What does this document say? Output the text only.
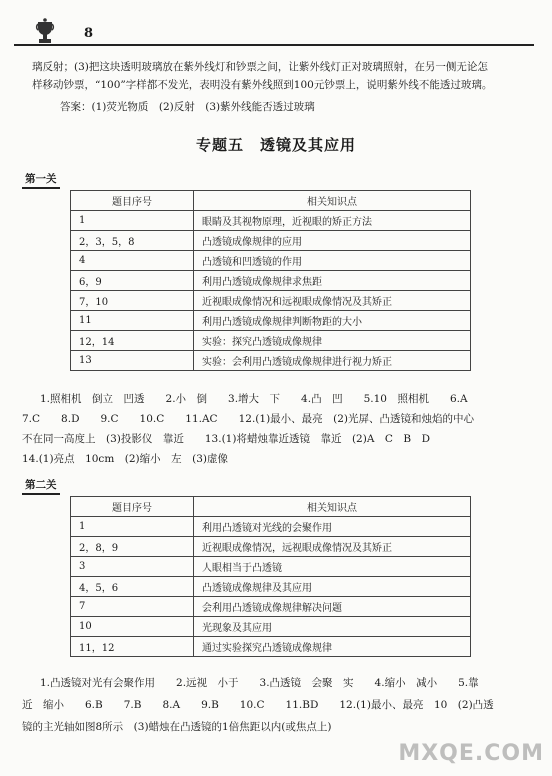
8
璃反射；(3)把这块透明玻璃放在紫外线灯和钞票之间，让紫外线灯正对玻璃照射，在另一侧无论怎
样移动钞票，“100”字样都不发光，表明没有紫外线照到100元钞票上，说明紫外线不能透过玻璃。
答案：(1)荧光物质　(2)反射　(3)紫外线能否透过玻璃
专题五　透镜及其应用
第一关
题目序号	相关知识点
1	眼睛及其视物原理，近视眼的矫正方法
2，3，5，8	凸透镜成像规律的应用
4	凸透镜和凹透镜的作用
6，9	利用凸透镜成像规律求焦距
7，10	近视眼成像情况和远视眼成像情况及其矫正
11	利用凸透镜成像规律判断物距的大小
12，14	实验：探究凸透镜成像规律
13	实验：会利用凸透镜成像规律进行视力矫正
1.照相机　倒立　凹透　　2.小　倒　　3.增大　下　　4.凸　凹　　5.10　照相机　　6.A
7.C　　8.D　　9.C　　10.C　　11.AC　　12.(1)最小、最亮　(2)光屏、凸透镜和烛焰的中心
不在同一高度上　(3)投影仪　靠近　　13.(1)将蜡烛靠近透镜　靠近　(2)A　C　B　D
14.(1)亮点　10cm　(2)缩小　左　(3)虚像
第二关
题目序号	相关知识点
1	利用凸透镜对光线的会聚作用
2，8，9	近视眼成像情况，远视眼成像情况及其矫正
3	人眼相当于凸透镜
4，5，6	凸透镜成像规律及其应用
7	会利用凸透镜成像规律解决问题
10	光现象及其应用
11，12	通过实验探究凸透镜成像规律
1.凸透镜对光有会聚作用　　2.远视　小于　　3.凸透镜　会聚　实　　4.缩小　减小　　5.靠
近　缩小　　6.B　　7.B　　8.A　　9.B　　10.C　　11.BD　　12.(1)最小、最亮　10　(2)凸透
镜的主光轴如图8所示　(3)蜡烛在凸透镜的1倍焦距以内(或焦点上)
MXQE.COM
